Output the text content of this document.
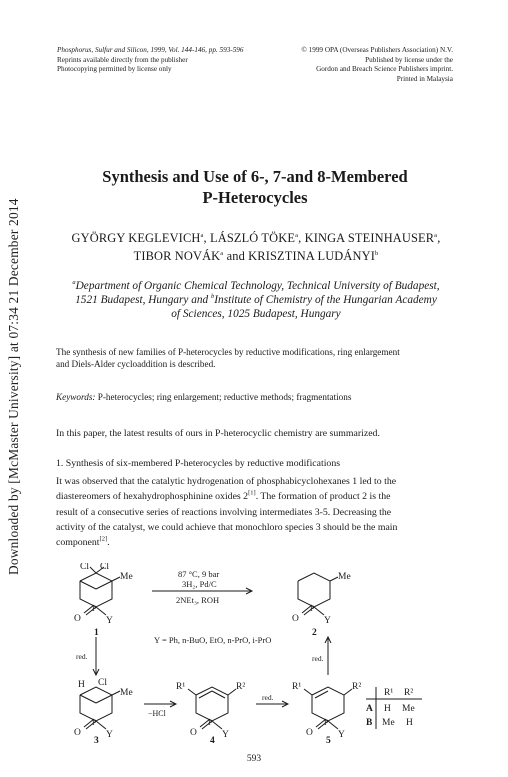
Downloaded by [McMaster University] at 07:34 21 December 2014
Phosphorus, Sulfur and Silicon, 1999, Vol. 144-146, pp. 593-596
Reprints available directly from the publisher
Photocopying permitted by license only
© 1999 OPA (Overseas Publishers Association) N.V.
Published by license under the
Gordon and Breach Science Publishers imprint.
Printed in Malaysia
Synthesis and Use of 6-, 7-and 8-Membered
P-Heterocycles
GYÖRGY KEGLEVICH$^a$, LÁSZLÓ TÖKE$^a$, KINGA STEINHAUSER$^a$,
TIBOR NOVÁK$^a$ and KRISZTINA LUDÁNYI$^b$
$^a$Department of Organic Chemical Technology, Technical University of Budapest,
1521 Budapest, Hungary and $^b$Institute of Chemistry of the Hungarian Academy
of Sciences, 1025 Budapest, Hungary
The synthesis of new families of P-heterocycles by reductive modifications, ring enlargement
and Diels-Alder cycloaddition is described.
Keywords: P-heterocycles; ring enlargement; reductive methods; fragmentations
In this paper, the latest results of ours in P-heterocyclic chemistry are summarized.
1. Synthesis of six-membered P-heterocycles by reductive modifications
It was observed that the catalytic hydrogenation of phosphabicyclohexanes 1 led to the
diastereomers of hexahydrophosphinine oxides 2[1]. The formation of product 2 is the
result of a consecutive series of reactions involving intermediates 3-5. Decreasing the
activity of the catalyst, we could achieve that monochloro species 3 should be the main
component[2].
Cl Cl
Me
O
P
Y
1
87 °C, 9 bar
3H₂, Pd/C
2NEt₃, ROH
Me
O
P
Y
2
Y = Ph, n-BuO, EtO, n-PrO, i-PrO
red.	red.
H Cl
Me
O
P
Y
3
−HCl
R¹	R²
O
P
Y
4
red.
R¹	R²
O
P
Y
5
R¹ R²
A H Me
B Me H
593
